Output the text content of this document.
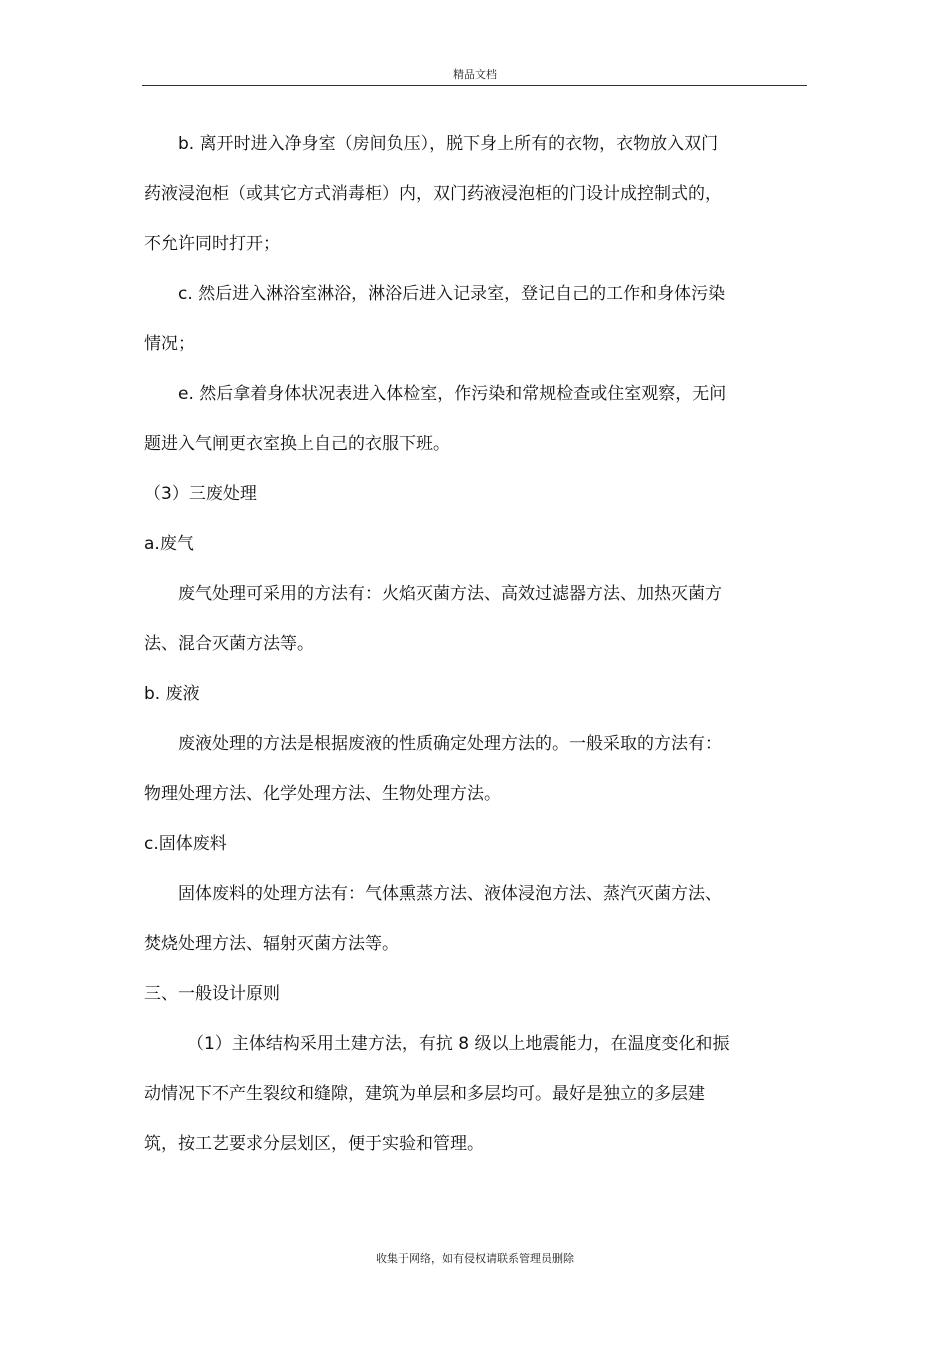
精品文档
b. 离开时进入净身室（房间负压），脱下身上所有的衣物，衣物放入双门
药液浸泡柜（或其它方式消毒柜）内，双门药液浸泡柜的门设计成控制式的，
不允许同时打开；
c. 然后进入淋浴室淋浴，淋浴后进入记录室，登记自己的工作和身体污染
情况；
e. 然后拿着身体状况表进入体检室，作污染和常规检查或住室观察，无问
题进入气闸更衣室换上自己的衣服下班。
（3）三废处理
a.废气
废气处理可采用的方法有：火焰灭菌方法、高效过滤器方法、加热灭菌方
法、混合灭菌方法等。
b. 废液
废液处理的方法是根据废液的性质确定处理方法的。一般采取的方法有：
物理处理方法、化学处理方法、生物处理方法。
c.固体废料
固体废料的处理方法有：气体熏蒸方法、液体浸泡方法、蒸汽灭菌方法、
焚烧处理方法、辐射灭菌方法等。
三、一般设计原则
（1）主体结构采用土建方法，有抗 8 级以上地震能力，在温度变化和振
动情况下不产生裂纹和缝隙，建筑为单层和多层均可。最好是独立的多层建
筑，按工艺要求分层划区，便于实验和管理。
收集于网络，如有侵权请联系管理员删除
